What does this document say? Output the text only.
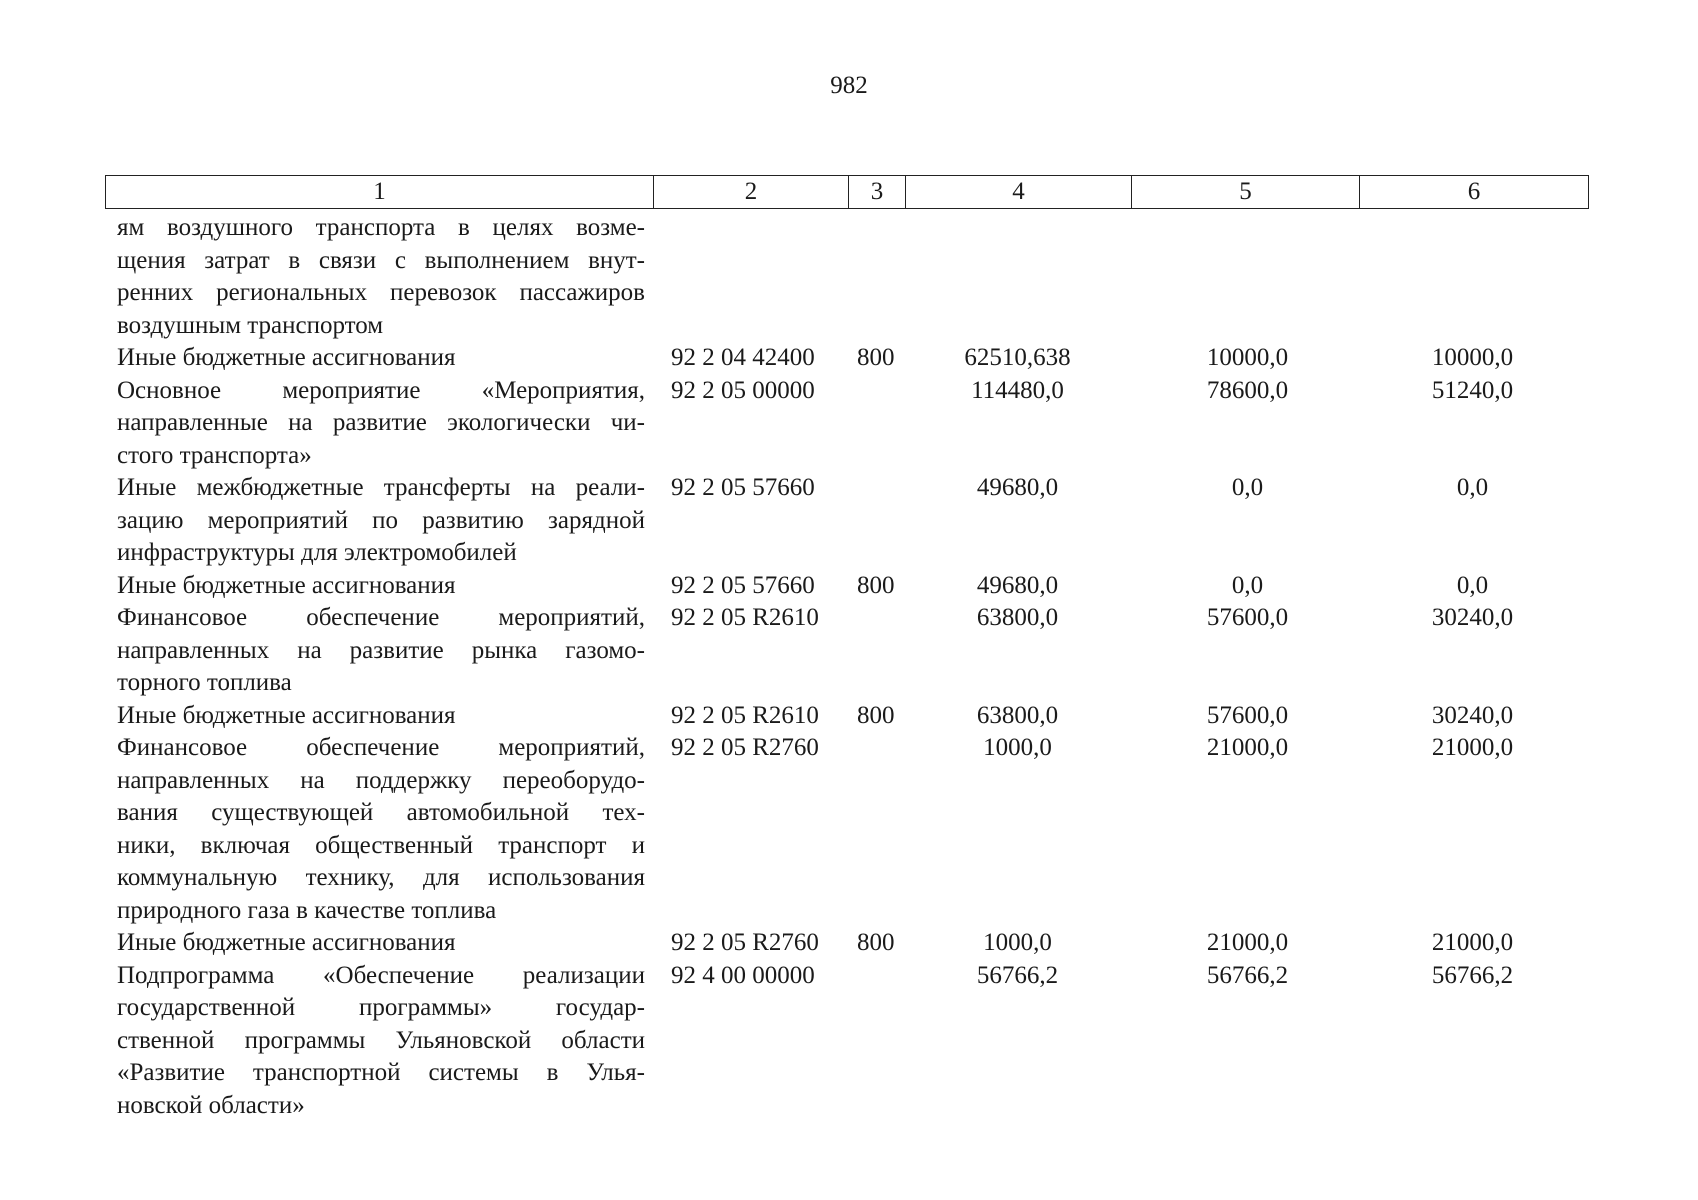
982
1	2	3	4	5	6
ям воздушного транспорта в целях возме-
щения затрат в связи с выполнением внут-
ренних региональных перевозок пассажиров
воздушным транспортом
Иные бюджетные ассигнования	92 2 04 42400 800	62510,638	10000,0	10000,0
Основное мероприятие «Мероприятия,
направленные на развитие экологически чи-
стого транспорта»
92 2 05 00000	114480,0	78600,0	51240,0
Иные межбюджетные трансферты на реали-
зацию мероприятий по развитию зарядной
инфраструктуры для электромобилей
92 2 05 57660	49680,0	0,0	0,0
Иные бюджетные ассигнования	92 2 05 57660 800	49680,0	0,0	0,0
Финансовое обеспечение мероприятий,
направленных на развитие рынка газомо-
торного топлива
92 2 05 R2610	63800,0	57600,0	30240,0
Иные бюджетные ассигнования	92 2 05 R2610 800	63800,0	57600,0	30240,0
Финансовое обеспечение мероприятий,
направленных на поддержку переоборудо-
вания существующей автомобильной тех-
ники, включая общественный транспорт и
коммунальную технику, для использования
природного газа в качестве топлива
92 2 05 R2760	1000,0	21000,0	21000,0
Иные бюджетные ассигнования	92 2 05 R2760 800	1000,0	21000,0	21000,0
Подпрограмма «Обеспечение реализации
государственной программы» государ-
ственной программы Ульяновской области
«Развитие транспортной системы в Улья-
новской области»
92 4 00 00000	56766,2	56766,2	56766,2
